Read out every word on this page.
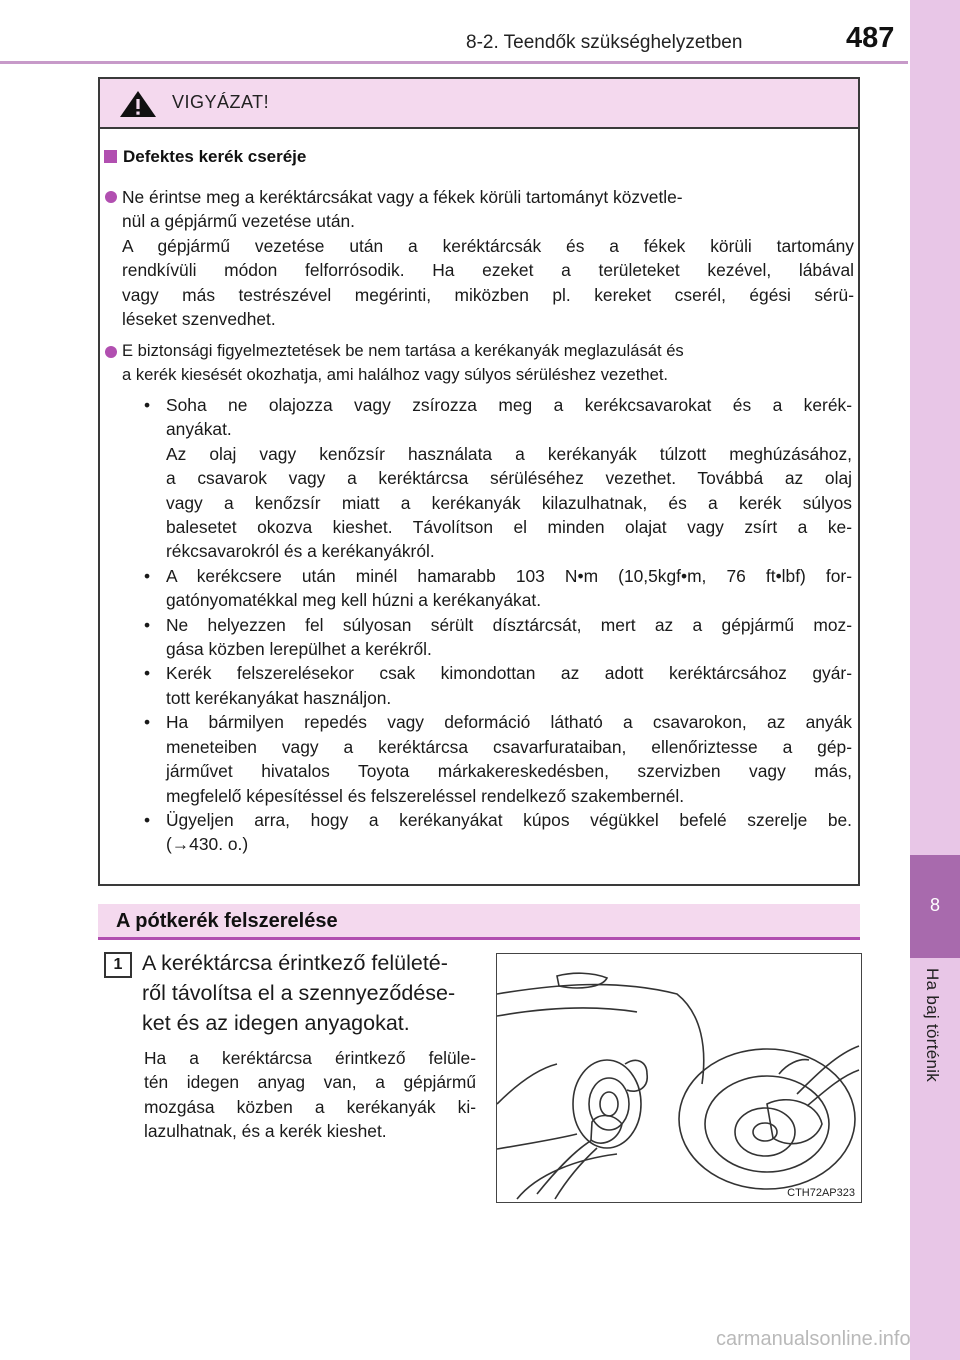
8-2. Teendők szükséghelyzetben	487
8
Ha baj történik
VIGYÁZAT!
Defektes kerék cseréje
Ne érintse meg a keréktárcsákat vagy a fékek körüli tartományt közvetle-
nül a gépjármű vezetése után.
A gépjármű vezetése után a keréktárcsák és a fékek körüli tartomány
rendkívüli módon felforrósodik. Ha ezeket a területeket kezével, lábával
vagy más testrészével megérinti, miközben pl. kereket cserél, égési sérü-
léseket szenvedhet.
E biztonsági figyelmeztetések be nem tartása a kerékanyák meglazulását és
a kerék kiesését okozhatja, ami halálhoz vagy súlyos sérüléshez vezethet.
• Soha ne olajozza vagy zsírozza meg a kerékcsavarokat és a kerék-

anyákat.

Az olaj vagy kenőzsír használata a kerékanyák túlzott meghúzásához,

a csavarok vagy a keréktárcsa sérüléséhez vezethet. Továbbá az olaj

vagy a kenőzsír miatt a kerékanyák kilazulhatnak, és a kerék súlyos

balesetet okozva kieshet. Távolítson el minden olajat vagy zsírt a ke-

rékcsavarokról és a kerékanyákról.

• A kerékcsere után minél hamarabb 103 N•m (10,5kgf•m, 76 ft•lbf) for-

gatónyomatékkal meg kell húzni a kerékanyákat.

• Ne helyezzen fel súlyosan sérült dísztárcsát, mert az a gépjármű moz-

gása közben lerepülhet a kerékről.

• Kerék felszerelésekor csak kimondottan az adott keréktárcsához gyár-

tott kerékanyákat használjon.

• Ha bármilyen repedés vagy deformáció látható a csavarokon, az anyák

meneteiben vagy a keréktárcsa csavarfurataiban, ellenőriztesse a gép-

járművet hivatalos Toyota márkakereskedésben, szervizben vagy más,

megfelelő képesítéssel és felszereléssel rendelkező szakembernél.

• Ügyeljen arra, hogy a kerékanyákat kúpos végükkel befelé szerelje be.

(→430. o.)

A pótkerék felszerelése
1 A keréktárcsa érintkező felületé-
ről távolítsa el a szennyeződése-
ket és az idegen anyagokat.
Ha a keréktárcsa érintkező felüle-
tén idegen anyag van, a gépjármű
mozgása közben a kerékanyák ki-
lazulhatnak, és a kerék kieshet.
CTH72AP323
carmanualsonline.info
